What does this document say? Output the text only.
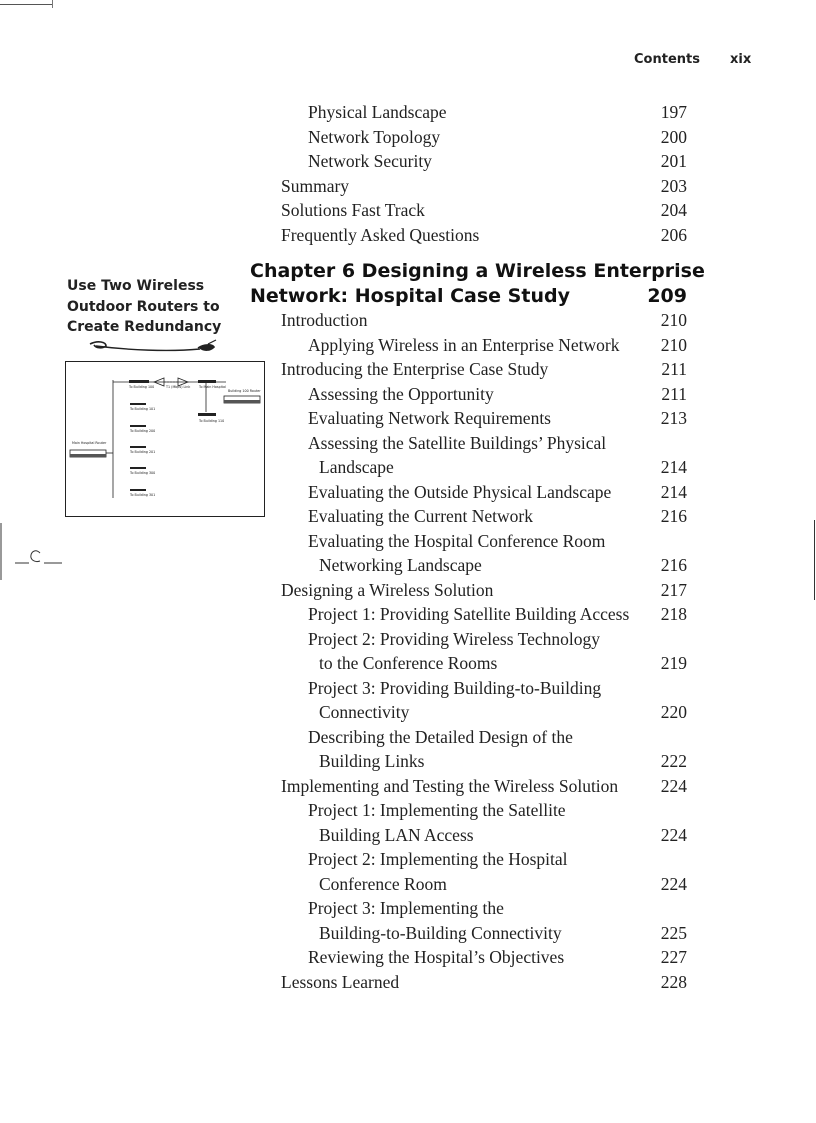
Contents xix
Physical Landscape	197
Network Topology	200
Network Security	201
Summary	203
Solutions Fast Track	204
Frequently Asked Questions	206
Chapter 6 Designing a Wireless Enterprise
Network: Hospital Case Study	209
Introduction	210
Applying Wireless in an Enterprise Network	210
Introducing the Enterprise Case Study	211
Assessing the Opportunity	211
Evaluating Network Requirements	213
Assessing the Satellite Buildings’ Physical
Landscape	214
Evaluating the Outside Physical Landscape	214
Evaluating the Current Network	216
Evaluating the Hospital Conference Room
Networking Landscape	216
Designing a Wireless Solution	217
Project 1: Providing Satellite Building Access	218
Project 2: Providing Wireless Technology
to the Conference Rooms	219
Project 3: Providing Building-to-Building
Connectivity	220
Describing the Detailed Design of the
Building Links	222
Implementing and Testing the Wireless Solution	224
Project 1: Implementing the Satellite
Building LAN Access	224
Project 2: Implementing the Hospital
Conference Room	224
Project 3: Implementing the
Building-to-Building Connectivity	225
Reviewing the Hospital’s Objectives	227
Lessons Learned	228
Use Two Wireless
Outdoor Routers to
Create Redundancy
To Building 100	T1 (Mbps) Link	To Main Hospital
Building 100 Router
To Building 101
To Building 110
To Building 200
Main Hospital Router
To Building 201
To Building 300
To Building 301
